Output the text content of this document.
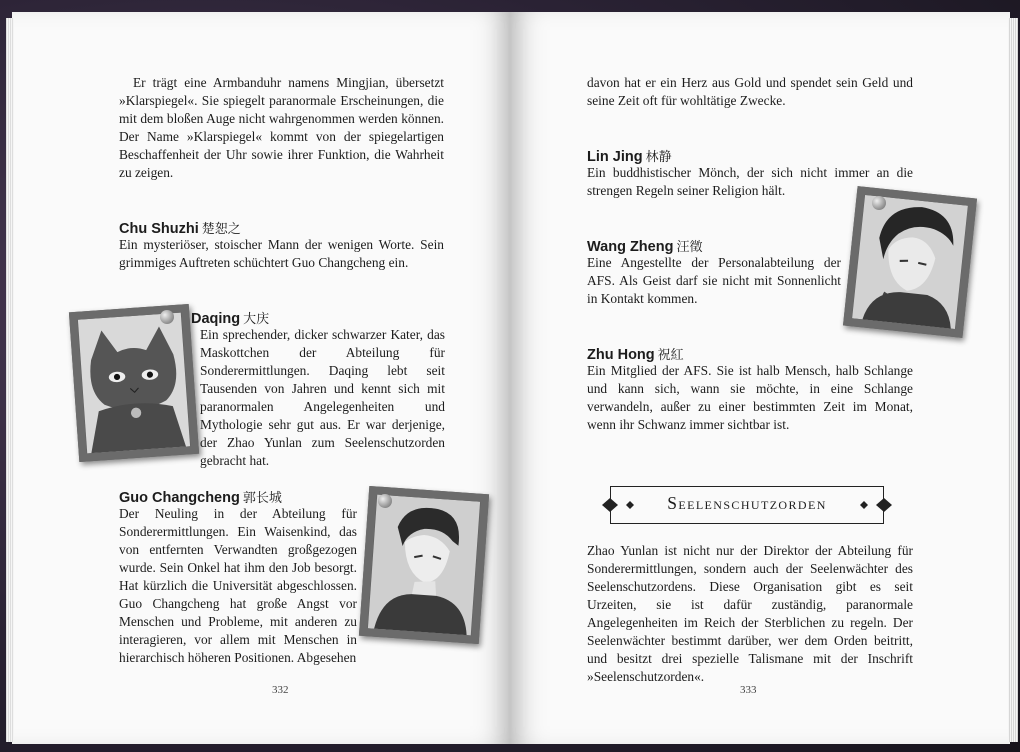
Er trägt eine Armbanduhr namens Mingjian, übersetzt »Klarspiegel«. Sie spiegelt paranormale Erscheinungen, die mit dem bloßen Auge nicht wahrgenommen werden können. Der Name »Klarspiegel« kommt von der spiegelartigen Beschaffenheit der Uhr sowie ihrer Funktion, die Wahrheit zu zeigen.

Chu Shuzhi 楚恕之

Ein mysteriöser, stoischer Mann der wenigen Worte. Sein grimmiges Auftreten schüchtert Guo Changcheng ein.

Daqing 大庆

Ein sprechender, dicker schwarzer Kater, das Maskottchen der Abteilung für Sonderermittlungen. Daqing lebt seit Tausenden von Jahren und kennt sich mit paranormalen Angelegenheiten und Mythologie sehr gut aus. Er war derjenige, der Zhao Yunlan zum Seelenschutzorden gebracht hat.

Guo Changcheng 郭长城

Der Neuling in der Abteilung für Sonderermittlungen. Ein Waisenkind, das von entfernten Verwandten großgezogen wurde. Sein Onkel hat ihm den Job besorgt. Hat kürzlich die Universität abgeschlossen. Guo Changcheng hat große Angst vor Menschen und Probleme, mit anderen zu interagieren, vor allem mit Menschen in hierarchisch höheren Positionen. Abgesehen

332

davon hat er ein Herz aus Gold und spendet sein Geld und seine Zeit oft für wohltätige Zwecke.

Lin Jing 林静

Ein buddhistischer Mönch, der sich nicht immer an die strengen Regeln seiner Religion hält.

Wang Zheng 汪徵

Eine Angestellte der Personalabteilung der AFS. Als Geist darf sie nicht mit Sonnenlicht in Kontakt kommen.

Zhu Hong 祝紅

Ein Mitglied der AFS. Sie ist halb Mensch, halb Schlange und kann sich, wann sie möchte, in eine Schlange verwandeln, außer zu einer bestimmten Zeit im Monat, wenn ihr Schwanz immer sichtbar ist.

Seelenschutzorden

Zhao Yunlan ist nicht nur der Direktor der Abteilung für Sonderermittlungen, sondern auch der Seelenwächter des Seelenschutzordens. Diese Organisation gibt es seit Urzeiten, sie ist dafür zuständig, paranormale Angelegenheiten im Reich der Sterblichen zu regeln. Der Seelenwächter bestimmt darüber, wer dem Orden beitritt, und besitzt drei spezielle Talismane mit der Inschrift »Seelenschutzorden«.

333
